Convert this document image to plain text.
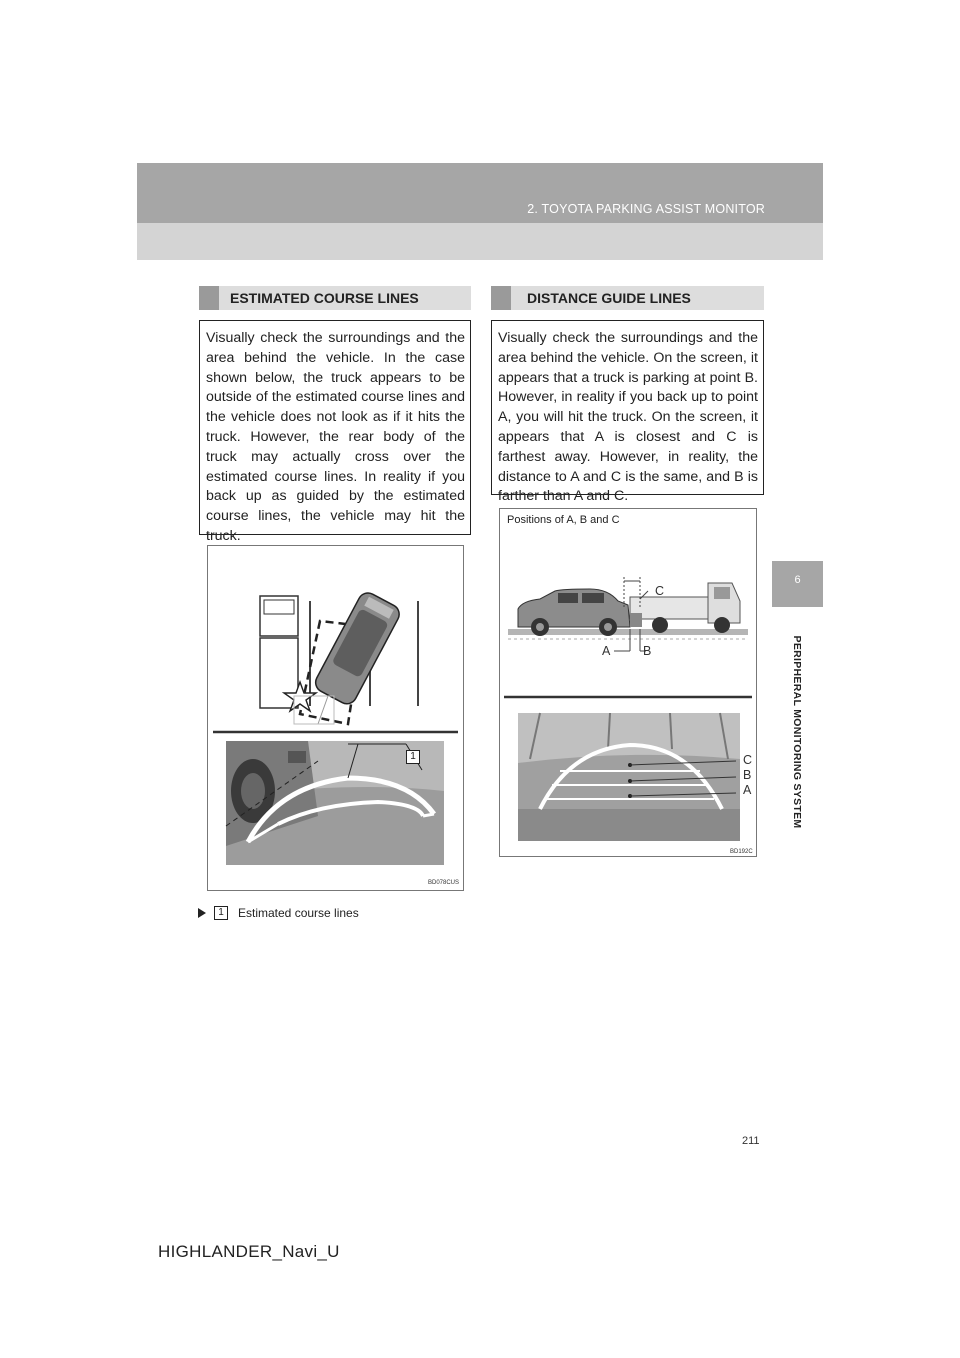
2. TOYOTA PARKING ASSIST MONITOR
6
PERIPHERAL MONITORING SYSTEM
ESTIMATED COURSE LINES
Visually check the surroundings and the area behind the vehicle. In the case shown below, the truck appears to be outside of the estimated course lines and the vehicle does not look as if it hits the truck. However, the rear body of the truck may actually cross over the estimated course lines. In reality if you back up as guided by the estimated course lines, the vehicle may hit the truck.
1
BD078CUS
1	Estimated course lines
DISTANCE GUIDE LINES
Visually check the surroundings and the area behind the vehicle. On the screen, it appears that a truck is parking at point B. However, in reality if you back up to point A, you will hit the truck. On the screen, it appears that A is closest and C is farthest away. However, in reality, the distance to A and C is the same, and B is farther than A and C.
Positions of A, B and C
C
A	B
C
B
A
BD192C
211
HIGHLANDER_Navi_U
